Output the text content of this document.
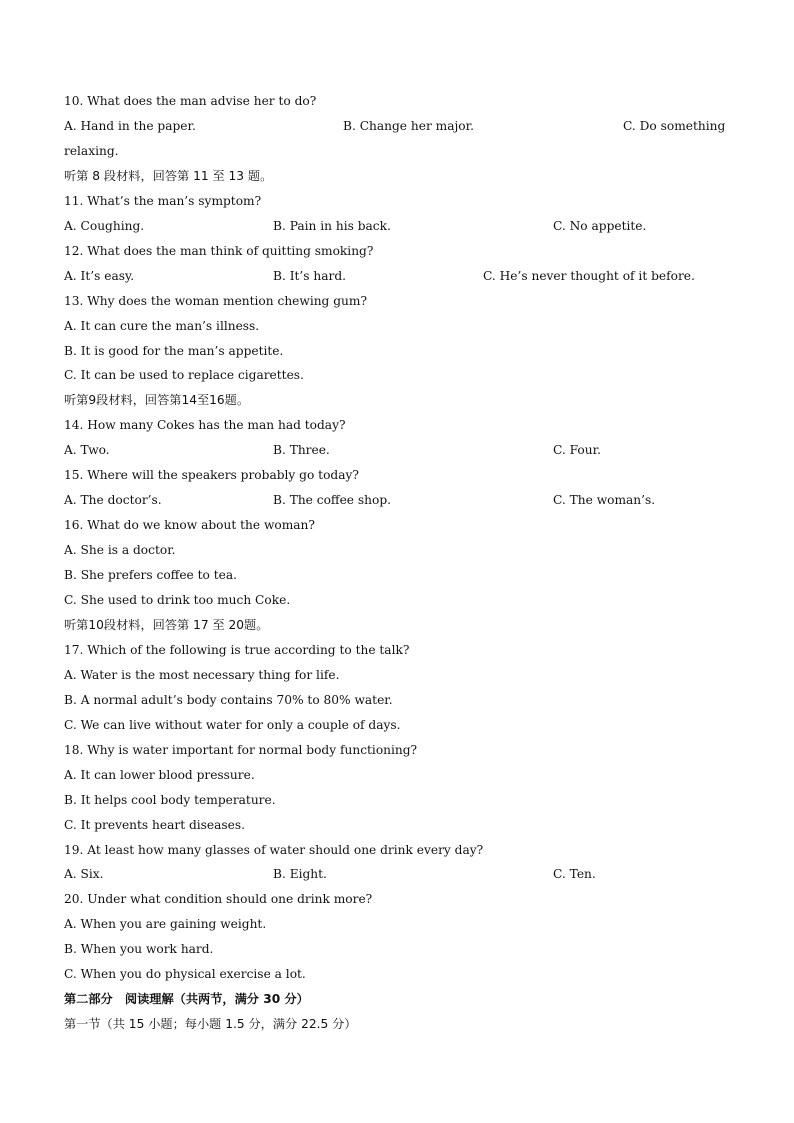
10. What does the man advise her to do?
A. Hand in the paper.	B. Change her major.	C. Do something
relaxing.
听第 8 段材料，回答第 11 至 13 题。
11. What’s the man’s symptom?
A. Coughing.	B. Pain in his back.	C. No appetite.
12. What does the man think of quitting smoking?
A. It’s easy.	B. It’s hard.	C. He’s never thought of it before.
13. Why does the woman mention chewing gum?
A. It can cure the man’s illness.
B. It is good for the man’s appetite.
C. It can be used to replace cigarettes.
听第9段材料，回答第14至16题。
14. How many Cokes has the man had today?
A. Two.	B. Three.	C. Four.
15. Where will the speakers probably go today?
A. The doctor’s.	B. The coffee shop.	C. The woman’s.
16. What do we know about the woman?
A. She is a doctor.
B. She prefers coffee to tea.
C. She used to drink too much Coke.
听第10段材料，回答第 17 至 20题。
17. Which of the following is true according to the talk?
A. Water is the most necessary thing for life.
B. A normal adult’s body contains 70% to 80% water.
C. We can live without water for only a couple of days.
18. Why is water important for normal body functioning?
A. It can lower blood pressure.
B. It helps cool body temperature.
C. It prevents heart diseases.
19. At least how many glasses of water should one drink every day?
A. Six.	B. Eight.	C. Ten.
20. Under what condition should one drink more?
A. When you are gaining weight.
B. When you work hard.
C. When you do physical exercise a lot.
第二部分　阅读理解（共两节，满分 30 分）
第一节（共 15 小题；每小题 1.5 分，满分 22.5 分）
